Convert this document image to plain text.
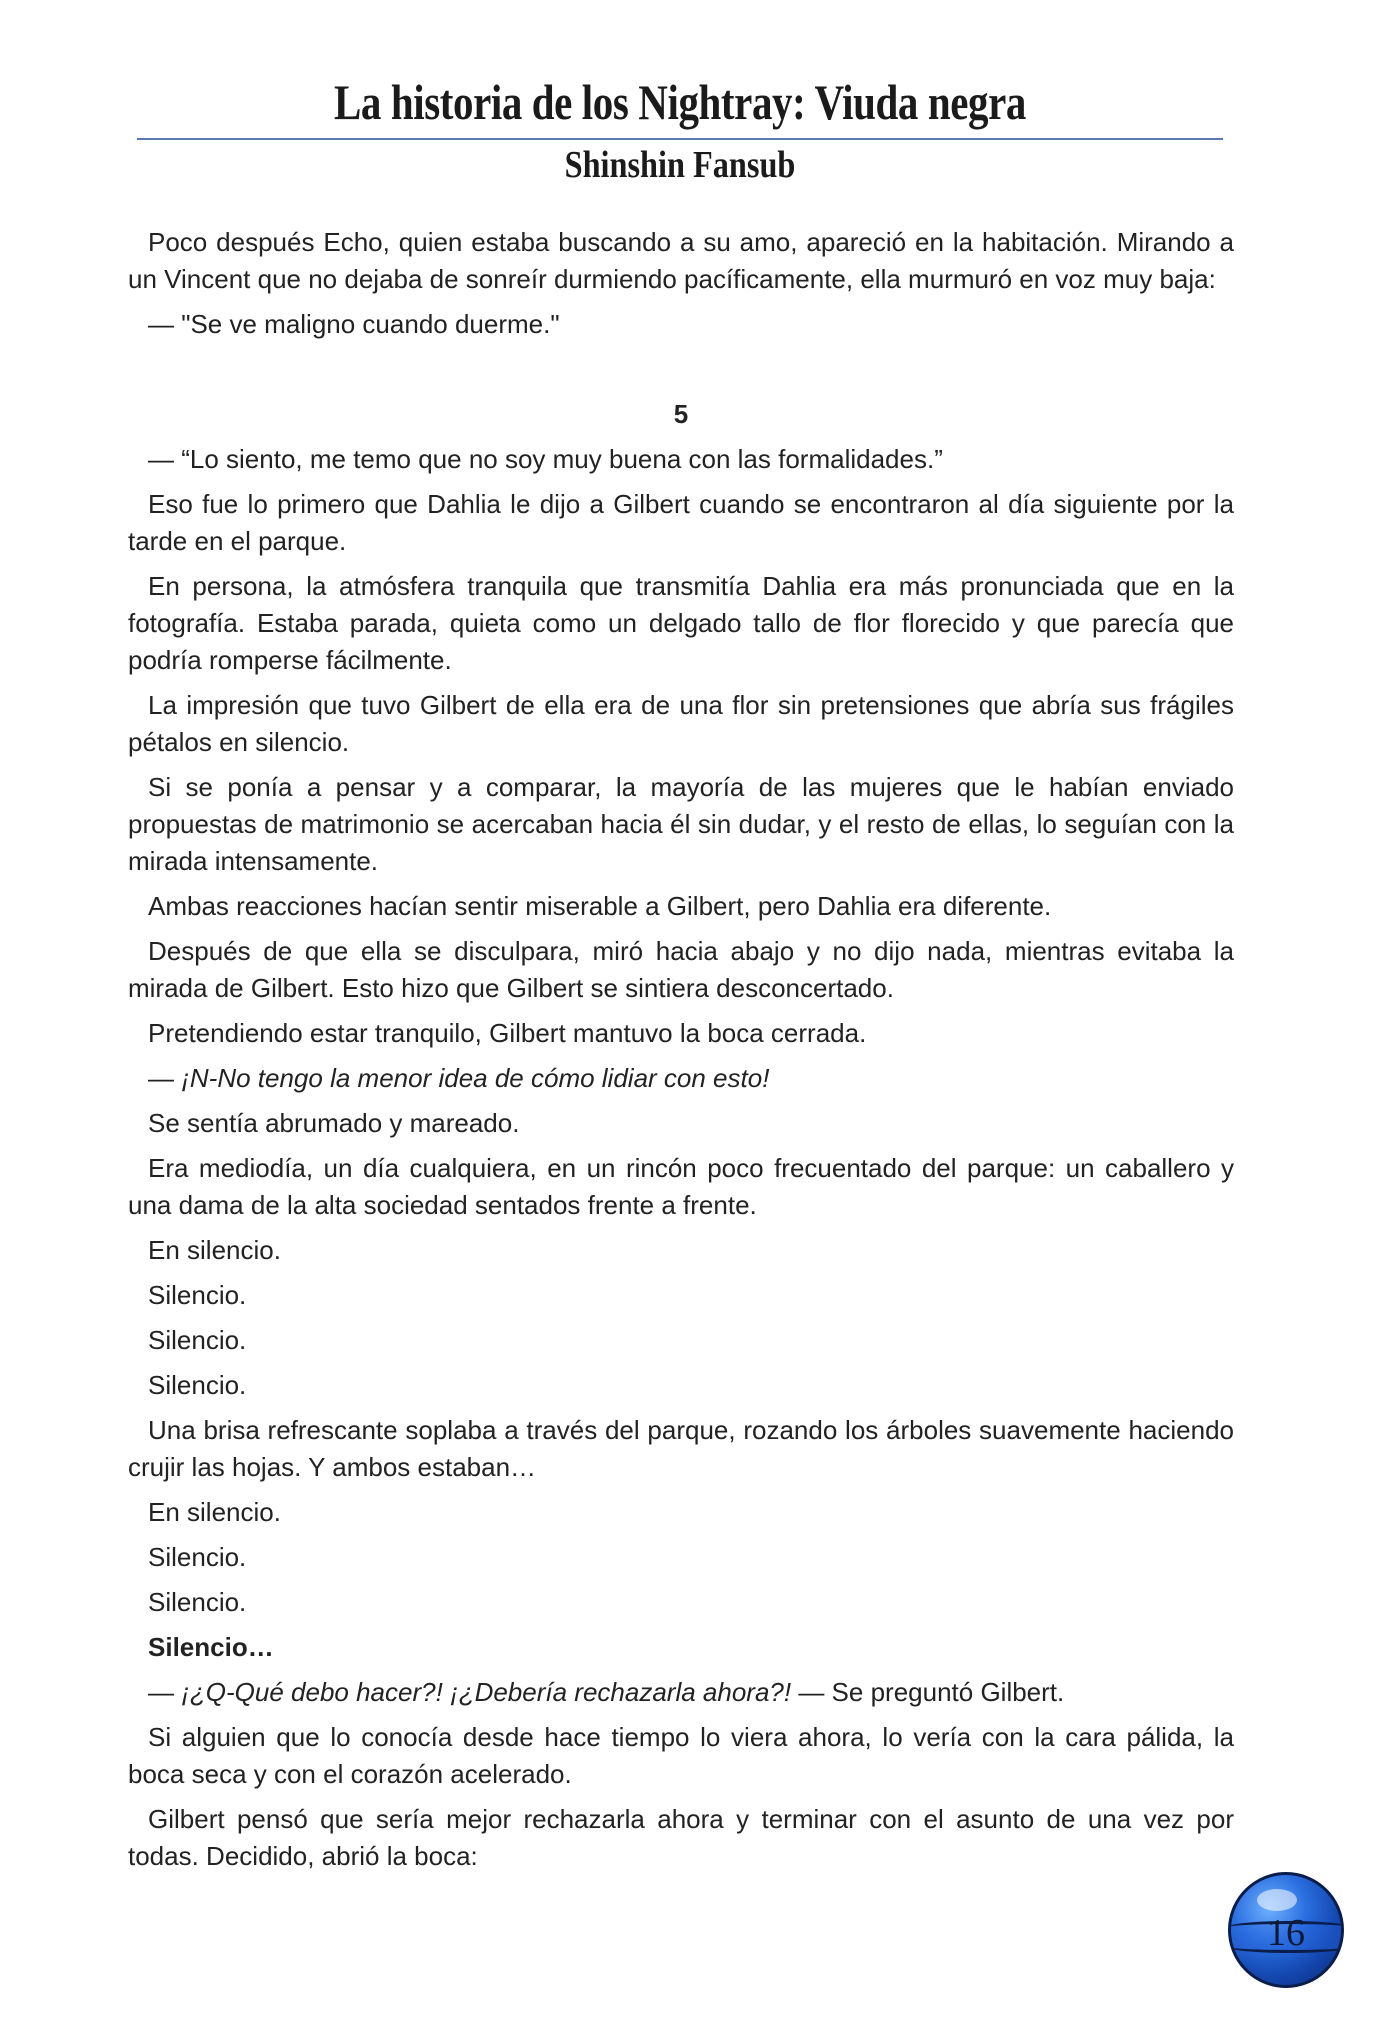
La historia de los Nightray: Viuda negra
Shinshin Fansub

Poco después Echo, quien estaba buscando a su amo, apareció en la habitación. Mirando a un Vincent que no dejaba de sonreír durmiendo pacíficamente, ella murmuró en voz muy baja:

— "Se ve maligno cuando duerme."

5

— “Lo siento, me temo que no soy muy buena con las formalidades.”

Eso fue lo primero que Dahlia le dijo a Gilbert cuando se encontraron al día siguiente por la tarde en el parque.

En persona, la atmósfera tranquila que transmitía Dahlia era más pronunciada que en la fotografía. Estaba parada, quieta como un delgado tallo de flor florecido y que parecía que podría romperse fácilmente.

La impresión que tuvo Gilbert de ella era de una flor sin pretensiones que abría sus frágiles pétalos en silencio.

Si se ponía a pensar y a comparar, la mayoría de las mujeres que le habían enviado propuestas de matrimonio se acercaban hacia él sin dudar, y el resto de ellas, lo seguían con la mirada intensamente.

Ambas reacciones hacían sentir miserable a Gilbert, pero Dahlia era diferente.

Después de que ella se disculpara, miró hacia abajo y no dijo nada, mientras evitaba la mirada de Gilbert. Esto hizo que Gilbert se sintiera desconcertado.

Pretendiendo estar tranquilo, Gilbert mantuvo la boca cerrada.

— ¡N-No tengo la menor idea de cómo lidiar con esto!

Se sentía abrumado y mareado.

Era mediodía, un día cualquiera, en un rincón poco frecuentado del parque: un caballero y una dama de la alta sociedad sentados frente a frente.

En silencio.

Silencio.

Silencio.

Silencio.

Una brisa refrescante soplaba a través del parque, rozando los árboles suavemente haciendo crujir las hojas. Y ambos estaban…

En silencio.

Silencio.

Silencio.

Silencio…

— ¡¿Q-Qué debo hacer?! ¡¿Debería rechazarla ahora?! — Se preguntó Gilbert.

Si alguien que lo conocía desde hace tiempo lo viera ahora, lo vería con la cara pálida, la boca seca y con el corazón acelerado.

Gilbert pensó que sería mejor rechazarla ahora y terminar con el asunto de una vez por todas. Decidido, abrió la boca:

16
